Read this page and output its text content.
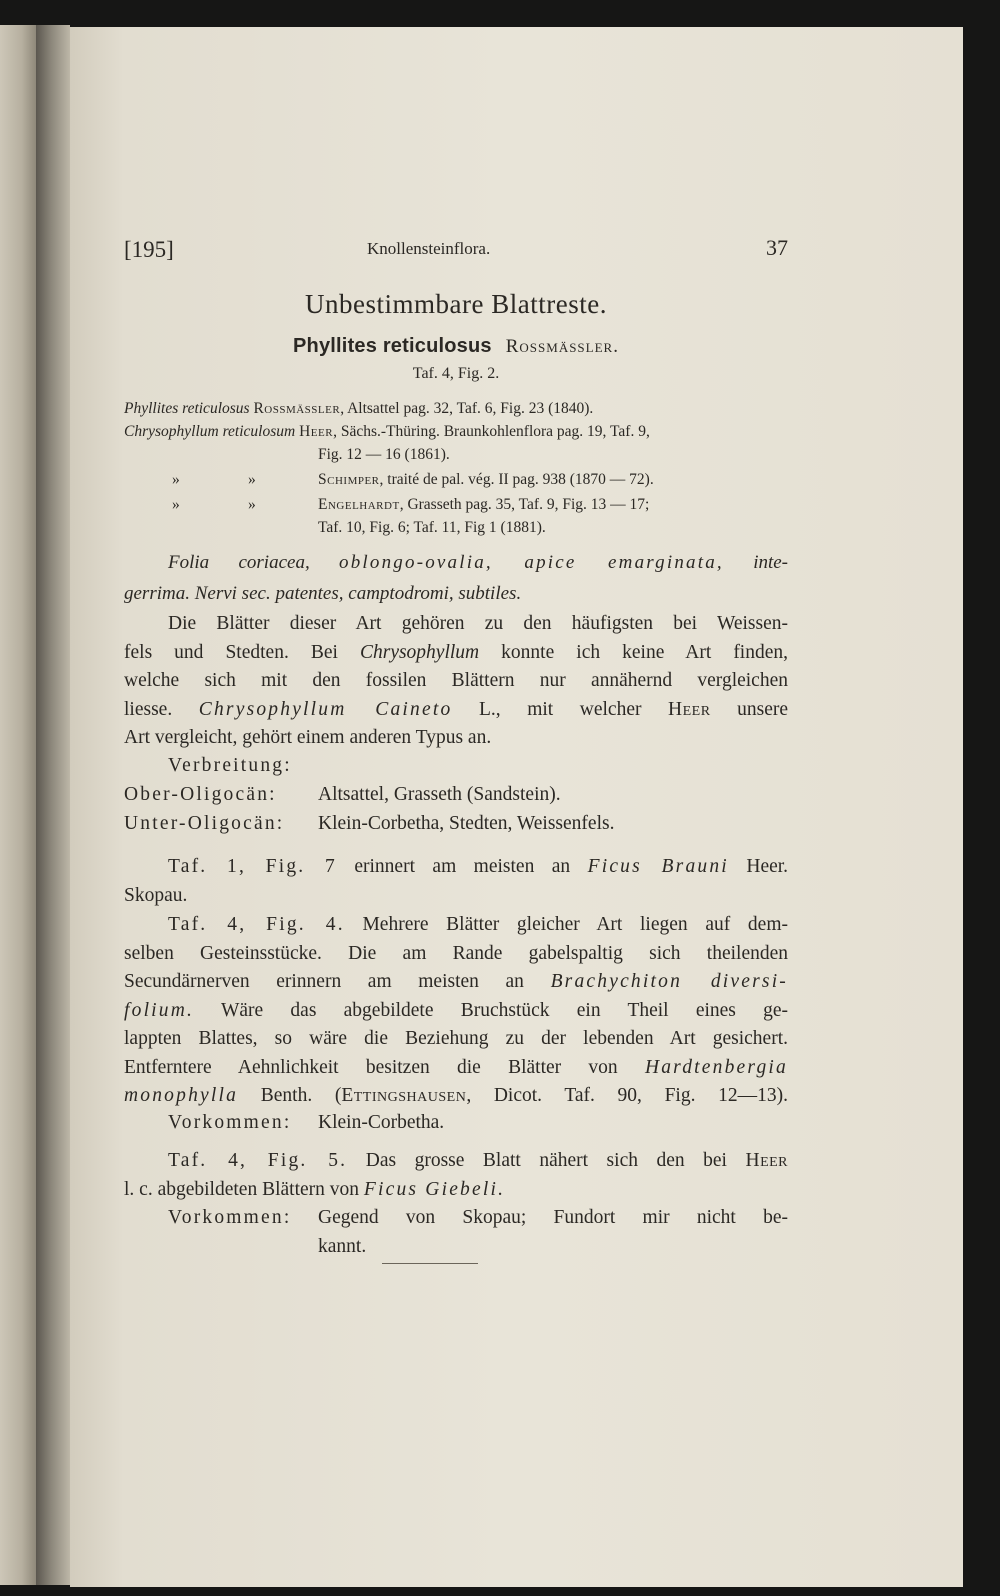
[195]	Knollensteinflora.	37
Unbestimmbare Blattreste.
Phyllites reticulosus Rossmässler.
Taf. 4, Fig. 2.
Phyllites reticulosus Rossmässler, Altsattel pag. 32, Taf. 6, Fig. 23 (1840).
Chrysophyllum reticulosum Heer, Sächs.-Thüring. Braunkohlenflora pag. 19, Taf. 9,
Fig. 12 — 16 (1861).
»	»	Schimper, traité de pal. vég. II pag. 938 (1870 — 72).
»	»	Engelhardt, Grasseth pag. 35, Taf. 9, Fig. 13 — 17;
Taf. 10, Fig. 6; Taf. 11, Fig 1 (1881).
Folia coriacea, oblongo-ovalia, apice emarginata, inte-
gerrima. Nervi sec. patentes, camptodromi, subtiles.
Die Blätter dieser Art gehören zu den häufigsten bei Weissen-
fels und Stedten. Bei Chrysophyllum konnte ich keine Art finden,
welche sich mit den fossilen Blättern nur annähernd vergleichen
liesse. Chrysophyllum Caineto L., mit welcher Heer unsere
Art vergleicht, gehört einem anderen Typus an.
Verbreitung:
Ober-Oligocän: Altsattel, Grasseth (Sandstein).
Unter-Oligocän: Klein-Corbetha, Stedten, Weissenfels.
Taf. 1, Fig. 7 erinnert am meisten an Ficus Brauni Heer.
Skopau.
Taf. 4, Fig. 4. Mehrere Blätter gleicher Art liegen auf dem-
selben Gesteinsstücke. Die am Rande gabelspaltig sich theilenden
Secundärnerven erinnern am meisten an Brachychiton diversi-
folium. Wäre das abgebildete Bruchstück ein Theil eines ge-
lappten Blattes, so wäre die Beziehung zu der lebenden Art gesichert.
Entferntere Aehnlichkeit besitzen die Blätter von Hardtenbergia
monophylla Benth. (Ettingshausen, Dicot. Taf. 90, Fig. 12—13).
Vorkommen: Klein-Corbetha.
Taf. 4, Fig. 5. Das grosse Blatt nähert sich den bei Heer
l. c. abgebildeten Blättern von Ficus Giebeli.
Vorkommen: Gegend von Skopau; Fundort mir nicht be-
kannt.
